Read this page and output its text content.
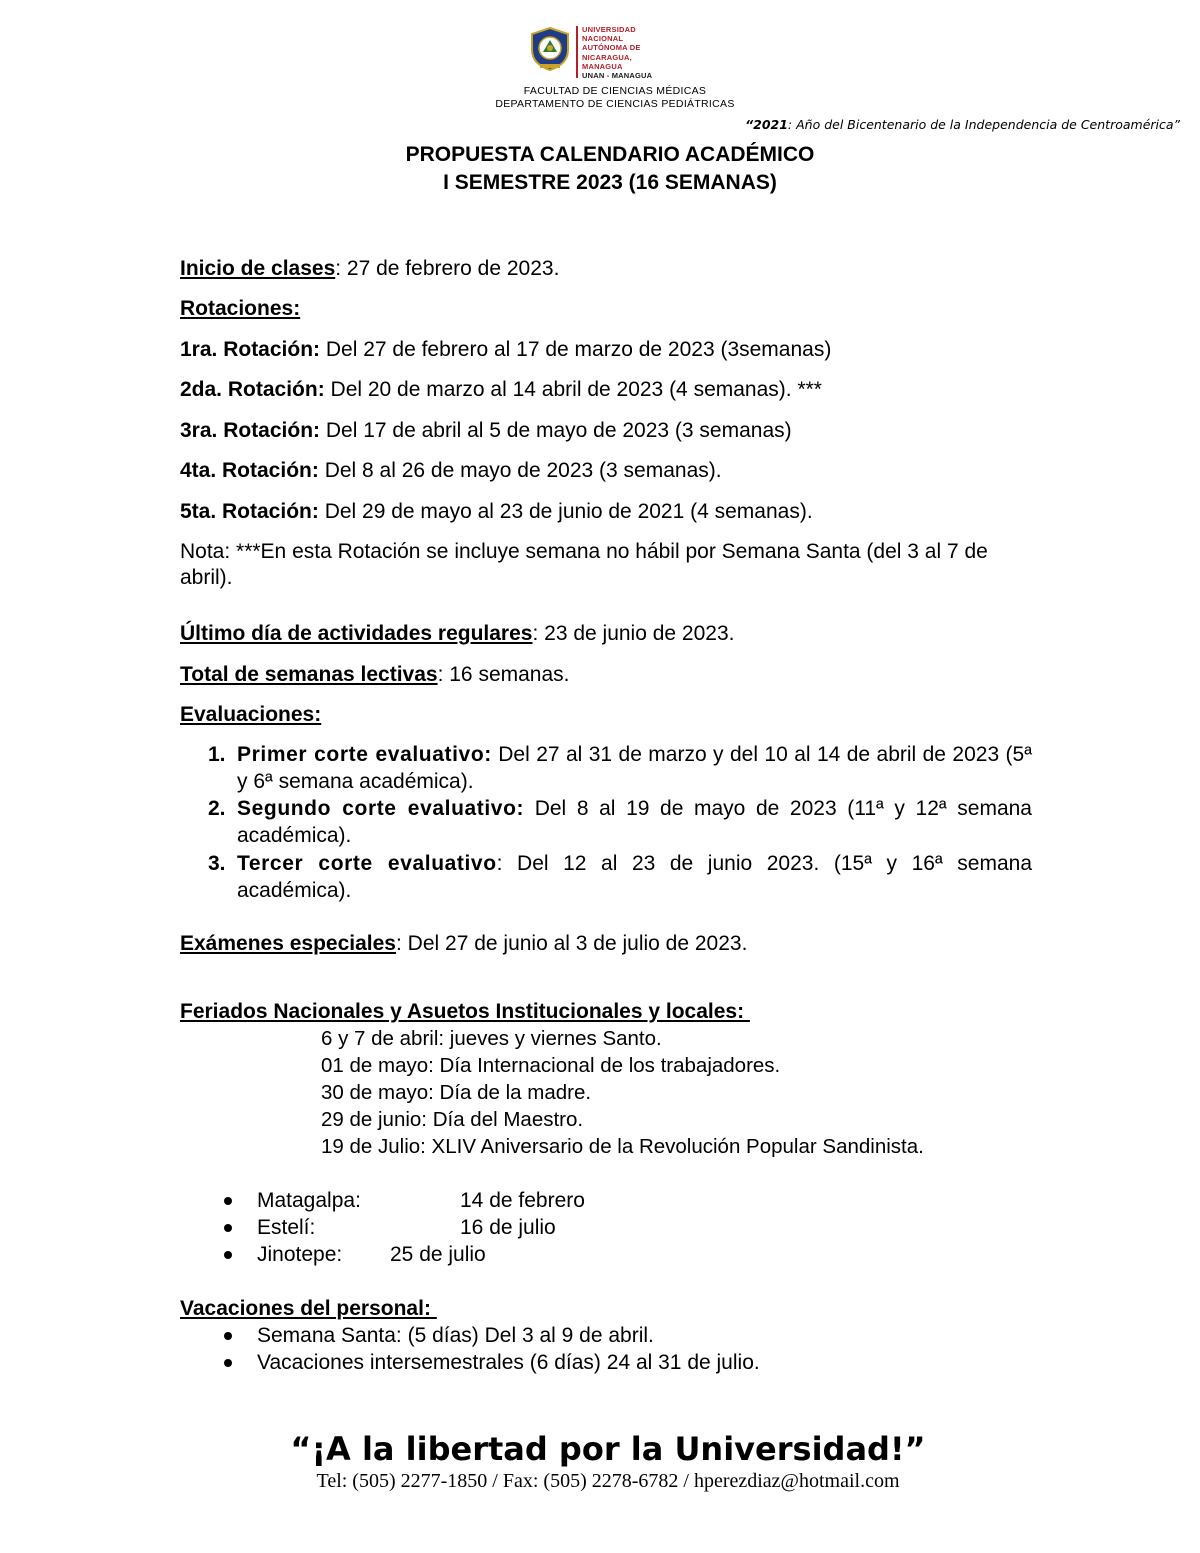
UNIVERSIDAD
NACIONAL
AUTÓNOMA DE
NICARAGUA,
MANAGUA
UNAN - MANAGUA
FACULTAD DE CIENCIAS MÉDICAS
DEPARTAMENTO DE CIENCIAS PEDIÁTRICAS
“2021: Año del Bicentenario de la Independencia de Centroamérica”
PROPUESTA CALENDARIO ACADÉMICO
I SEMESTRE 2023 (16 SEMANAS)
Inicio de clases: 27 de febrero de 2023.
Rotaciones:
1ra. Rotación: Del 27 de febrero al 17 de marzo de 2023 (3semanas)
2da. Rotación: Del 20 de marzo al 14 abril de 2023 (4 semanas). ***
3ra. Rotación: Del 17 de abril al 5 de mayo de 2023 (3 semanas)
4ta. Rotación: Del 8 al 26 de mayo de 2023 (3 semanas).
5ta. Rotación: Del 29 de mayo al 23 de junio de 2021 (4 semanas).
Nota: ***En esta Rotación se incluye semana no hábil por Semana Santa (del 3 al 7 de abril).
Último día de actividades regulares: 23 de junio de 2023.
Total de semanas lectivas: 16 semanas.
Evaluaciones:
1. Primer corte evaluativo: Del 27 al 31 de marzo y del 10 al 14 de abril de 2023 (5ª y 6ª semana académica).
2. Segundo corte evaluativo: Del 8 al 19 de mayo de 2023 (11ª y 12ª semana académica).
3. Tercer corte evaluativo: Del 12 al 23 de junio 2023. (15ª y 16ª semana académica).
Exámenes especiales: Del 27 de junio al 3 de julio de 2023.
Feriados Nacionales y Asuetos Institucionales y locales:
6 y 7 de abril: jueves y viernes Santo.
01 de mayo: Día Internacional de los trabajadores.
30 de mayo: Día de la madre.
29 de junio: Día del Maestro.
19 de Julio: XLIV Aniversario de la Revolución Popular Sandinista.
Matagalpa:	14 de febrero
Estelí:	16 de julio
Jinotepe: 25 de julio
Vacaciones del personal:
Semana Santa: (5 días) Del 3 al 9 de abril.
Vacaciones intersemestrales (6 días) 24 al 31 de julio.
“¡A la libertad por la Universidad!”
Tel: (505) 2277-1850 / Fax: (505) 2278-6782 / hperezdiaz@hotmail.com
